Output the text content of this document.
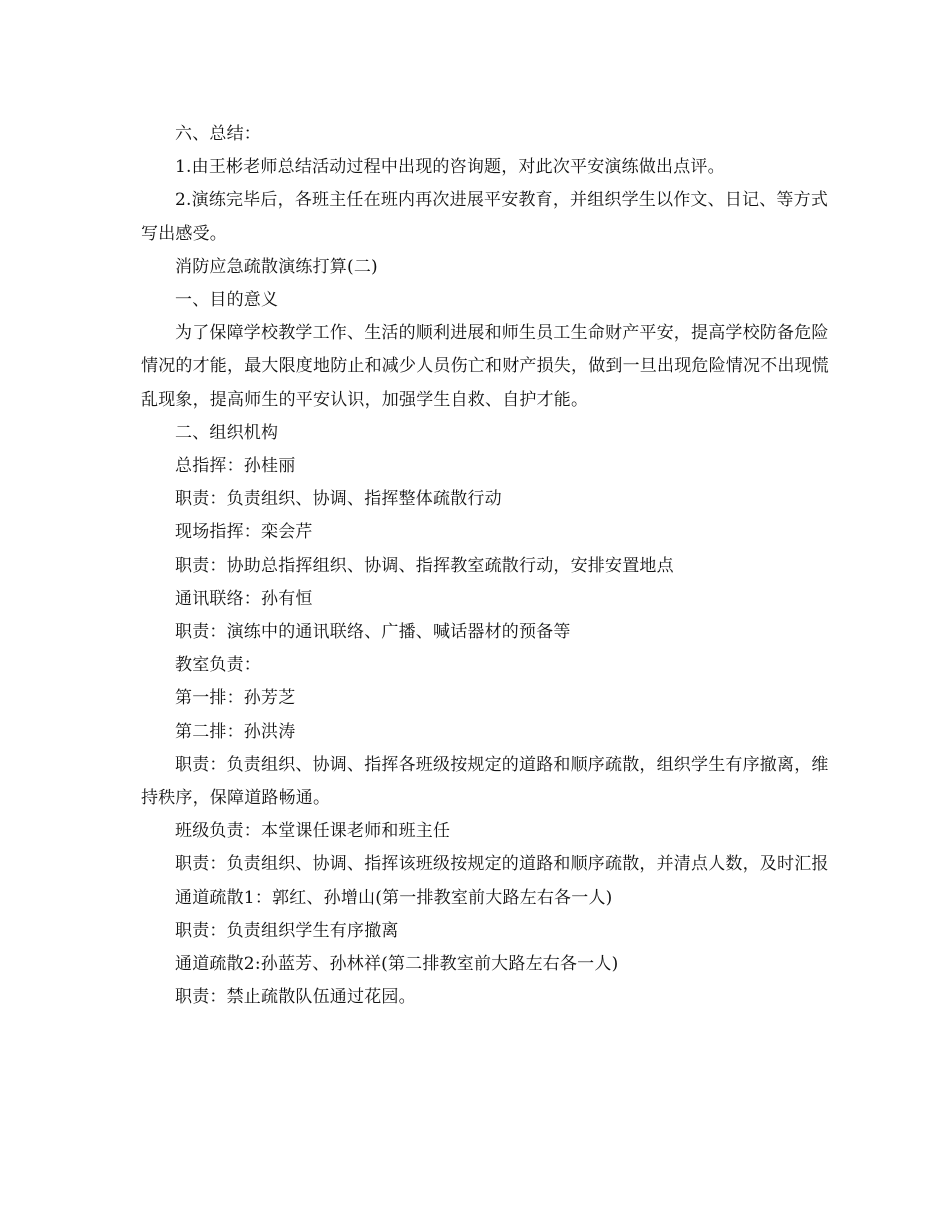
六、总结：

1.由王彬老师总结活动过程中出现的咨询题，对此次平安演练做出点评。

2.演练完毕后，各班主任在班内再次进展平安教育，并组织学生以作文、日记、等方式写出感受。

消防应急疏散演练打算(二)

一、目的意义

为了保障学校教学工作、生活的顺利进展和师生员工生命财产平安，提高学校防备危险情况的才能，最大限度地防止和减少人员伤亡和财产损失，做到一旦出现危险情况不出现慌乱现象，提高师生的平安认识，加强学生自救、自护才能。

二、组织机构

总指挥：孙桂丽

职责：负责组织、协调、指挥整体疏散行动

现场指挥：栾会芹

职责：协助总指挥组织、协调、指挥教室疏散行动，安排安置地点

通讯联络：孙有恒

职责：演练中的通讯联络、广播、喊话器材的预备等

教室负责：

第一排：孙芳芝

第二排：孙洪涛

职责：负责组织、协调、指挥各班级按规定的道路和顺序疏散，组织学生有序撤离，维持秩序，保障道路畅通。

班级负责：本堂课任课老师和班主任

职责：负责组织、协调、指挥该班级按规定的道路和顺序疏散，并清点人数，及时汇报

通道疏散1：郭红、孙增山(第一排教室前大路左右各一人)

职责：负责组织学生有序撤离

通道疏散2:孙蓝芳、孙林祥(第二排教室前大路左右各一人)

职责：禁止疏散队伍通过花园。
